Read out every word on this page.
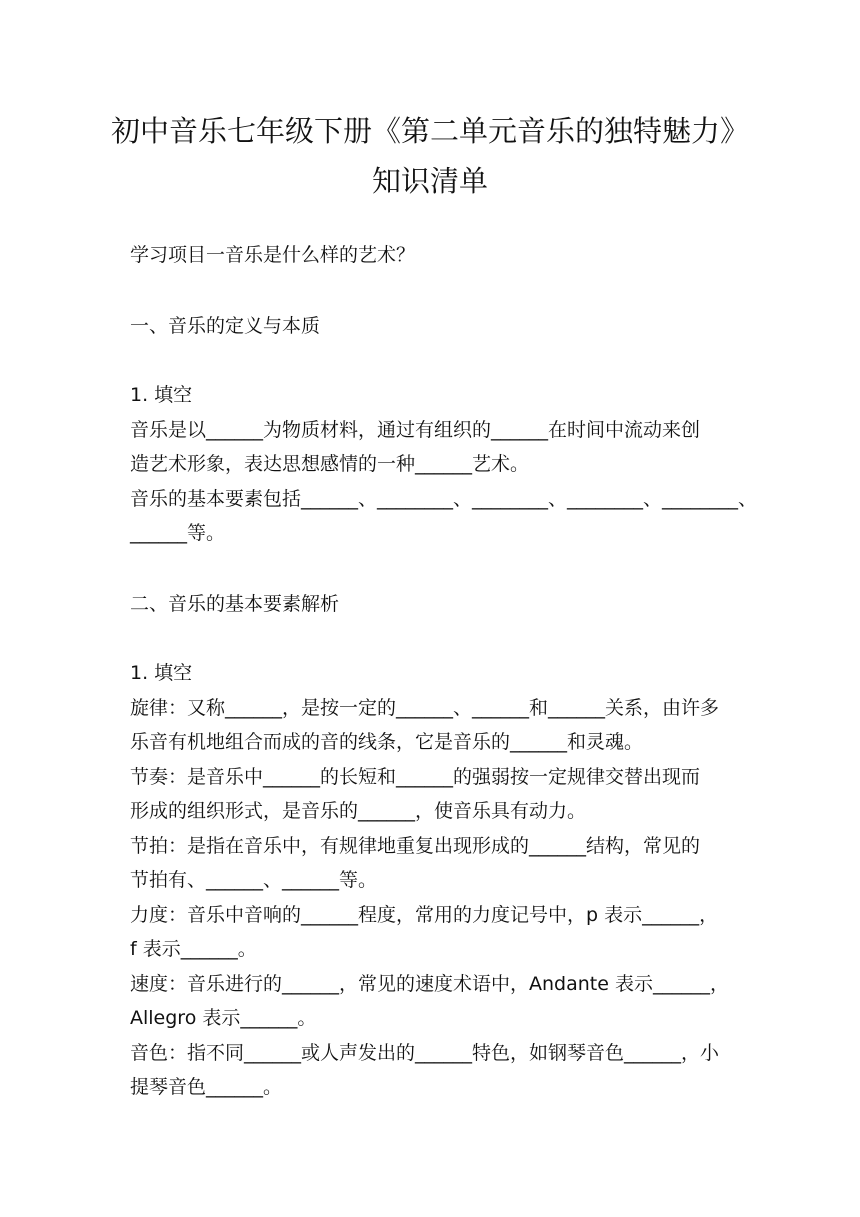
初中音乐七年级下册《第二单元音乐的独特魅力》
知识清单
学习项目一音乐是什么样的艺术？
一、音乐的定义与本质
1. 填空
音乐是以______为物质材料，通过有组织的______在时间中流动来创
造艺术形象，表达思想感情的一种______艺术。
音乐的基本要素包括______、________、________、________、________、
______等。
二、音乐的基本要素解析
1. 填空
旋律：又称______，是按一定的______、______和______关系，由许多
乐音有机地组合而成的音的线条，它是音乐的______和灵魂。
节奏：是音乐中______的长短和______的强弱按一定规律交替出现而
形成的组织形式，是音乐的______，使音乐具有动力。
节拍：是指在音乐中，有规律地重复出现形成的______结构，常见的
节拍有、______、______等。
力度：音乐中音响的______程度，常用的力度记号中，p 表示______，
f 表示______。
速度：音乐进行的______，常见的速度术语中，Andante 表示______，
Allegro 表示______。
音色：指不同______或人声发出的______特色，如钢琴音色______，小
提琴音色______。
